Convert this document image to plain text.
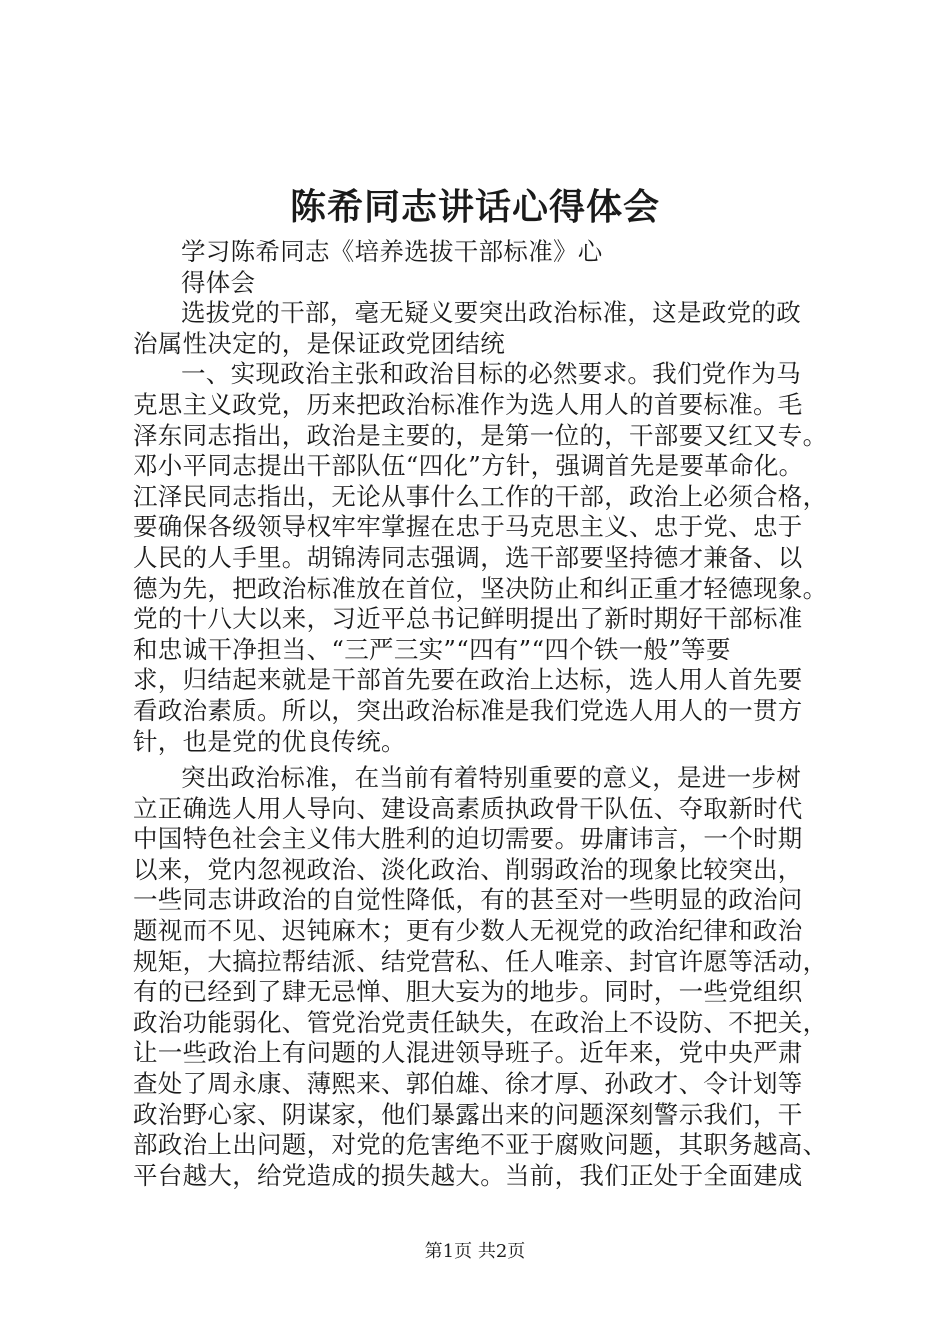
陈希同志讲话心得体会
学习陈希同志《培养选拔干部标准》心
得体会
选拔党的干部，毫无疑义要突出政治标准，这是政党的政
治属性决定的，是保证政党团结统
一、实现政治主张和政治目标的必然要求。我们党作为马
克思主义政党，历来把政治标准作为选人用人的首要标准。毛
泽东同志指出，政治是主要的，是第一位的，干部要又红又专。
邓小平同志提出干部队伍“四化”方针，强调首先是要革命化。
江泽民同志指出，无论从事什么工作的干部，政治上必须合格，
要确保各级领导权牢牢掌握在忠于马克思主义、忠于党、忠于
人民的人手里。胡锦涛同志强调，选干部要坚持德才兼备、以
德为先，把政治标准放在首位，坚决防止和纠正重才轻德现象。
党的十八大以来，习近平总书记鲜明提出了新时期好干部标准
和忠诚干净担当、“三严三实”“四有”“四个铁一般”等要
求，归结起来就是干部首先要在政治上达标，选人用人首先要
看政治素质。所以，突出政治标准是我们党选人用人的一贯方
针，也是党的优良传统。
突出政治标准，在当前有着特别重要的意义，是进一步树
立正确选人用人导向、建设高素质执政骨干队伍、夺取新时代
中国特色社会主义伟大胜利的迫切需要。毋庸讳言，一个时期
以来，党内忽视政治、淡化政治、削弱政治的现象比较突出，
一些同志讲政治的自觉性降低，有的甚至对一些明显的政治问
题视而不见、迟钝麻木；更有少数人无视党的政治纪律和政治
规矩，大搞拉帮结派、结党营私、任人唯亲、封官许愿等活动，
有的已经到了肆无忌惮、胆大妄为的地步。同时，一些党组织
政治功能弱化、管党治党责任缺失，在政治上不设防、不把关，
让一些政治上有问题的人混进领导班子。近年来，党中央严肃
查处了周永康、薄熙来、郭伯雄、徐才厚、孙政才、令计划等
政治野心家、阴谋家，他们暴露出来的问题深刻警示我们，干
部政治上出问题，对党的危害绝不亚于腐败问题，其职务越高、
平台越大，给党造成的损失越大。当前，我们正处于全面建成
第1页 共2页
